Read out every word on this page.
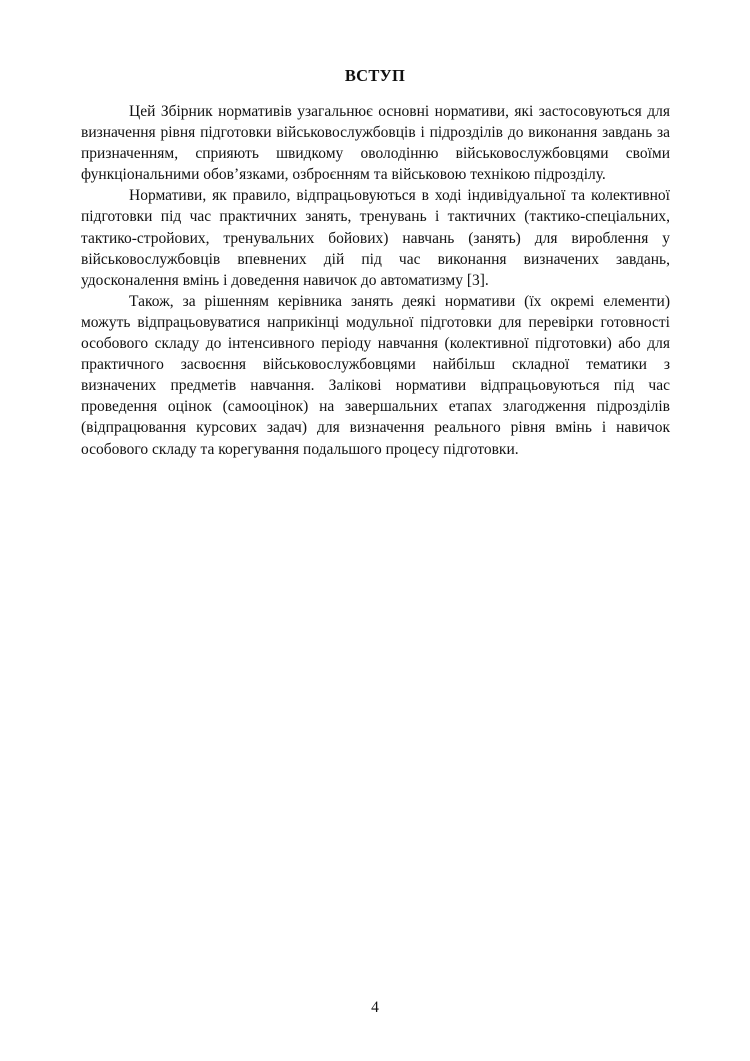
ВСТУП

Цей Збірник нормативів узагальнює основні нормативи, які застосовуються для визначення рівня підготовки військовослужбовців і підрозділів до виконання завдань за призначенням, сприяють швидкому оволодінню військовослужбовцями своїми функціональними обов’язками, озброєнням та військовою технікою підрозділу.

Нормативи, як правило, відпрацьовуються в ході індивідуальної та колективної підготовки під час практичних занять, тренувань і тактичних (тактико-спеціальних, тактико-стройових, тренувальних бойових) навчань (занять) для вироблення у військовослужбовців впевнених дій під час виконання визначених завдань, удосконалення вмінь і доведення навичок до автоматизму [3].

Також, за рішенням керівника занять деякі нормативи (їх окремі елементи) можуть відпрацьовуватися наприкінці модульної підготовки для перевірки готовності особового складу до інтенсивного періоду навчання (колективної підготовки) або для практичного засвоєння військовослужбовцями найбільш складної тематики з визначених предметів навчання. Залікові нормативи відпрацьовуються під час проведення оцінок (самооцінок) на завершальних етапах злагодження підрозділів (відпрацювання курсових задач) для визначення реального рівня вмінь і навичок особового складу та корегування подальшого процесу підготовки.

4
